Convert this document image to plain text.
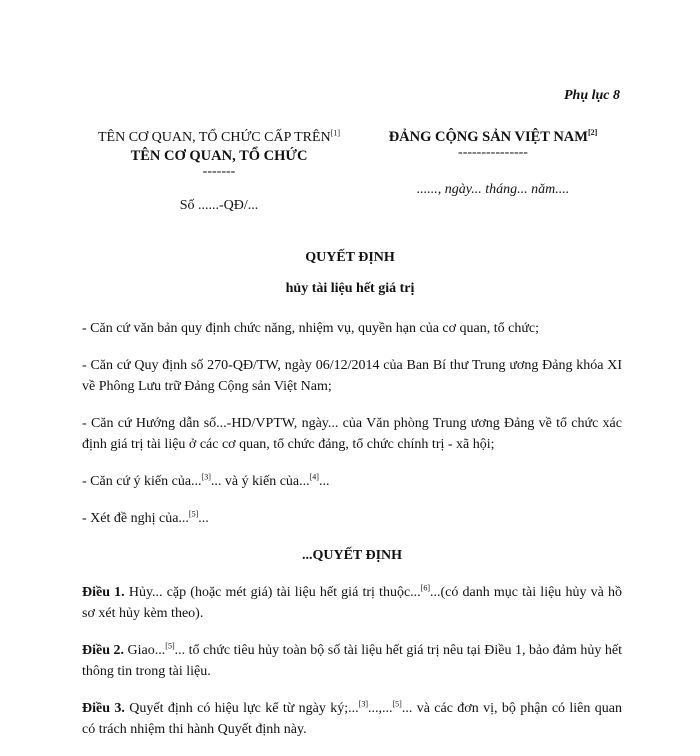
Phụ lục 8
TÊN CƠ QUAN, TỔ CHỨC CẤP TRÊN[1]
TÊN CƠ QUAN, TỔ CHỨC
-------
Số ......-QĐ/...
ĐẢNG CỘNG SẢN VIỆT NAM[2]
---------------
......, ngày... tháng... năm....
QUYẾT ĐỊNH
hủy tài liệu hết giá trị

- Căn cứ văn bản quy định chức năng, nhiệm vụ, quyền hạn của cơ quan, tổ chức;

- Căn cứ Quy định số 270-QĐ/TW, ngày 06/12/2014 của Ban Bí thư Trung ương Đảng khóa XI về Phông Lưu trữ Đảng Cộng sản Việt Nam;

- Căn cứ Hướng dẫn số...-HD/VPTW, ngày... của Văn phòng Trung ương Đảng về tổ chức xác định giá trị tài liệu ở các cơ quan, tổ chức đảng, tổ chức chính trị - xã hội;

- Căn cứ ý kiến của...[3]... và ý kiến của...[4]...

- Xét đề nghị của...[5]...

...QUYẾT ĐỊNH

Điều 1. Hủy... cặp (hoặc mét giá) tài liệu hết giá trị thuộc...[6]...(có danh mục tài liệu hủy và hồ sơ xét hủy kèm theo).

Điều 2. Giao...[5]... tổ chức tiêu hủy toàn bộ số tài liệu hết giá trị nêu tại Điều 1, bảo đảm hủy hết thông tin trong tài liệu.

Điều 3. Quyết định có hiệu lực kể từ ngày ký;...[3]...,...[5]... và các đơn vị, bộ phận có liên quan có trách nhiệm thi hành Quyết định này.
